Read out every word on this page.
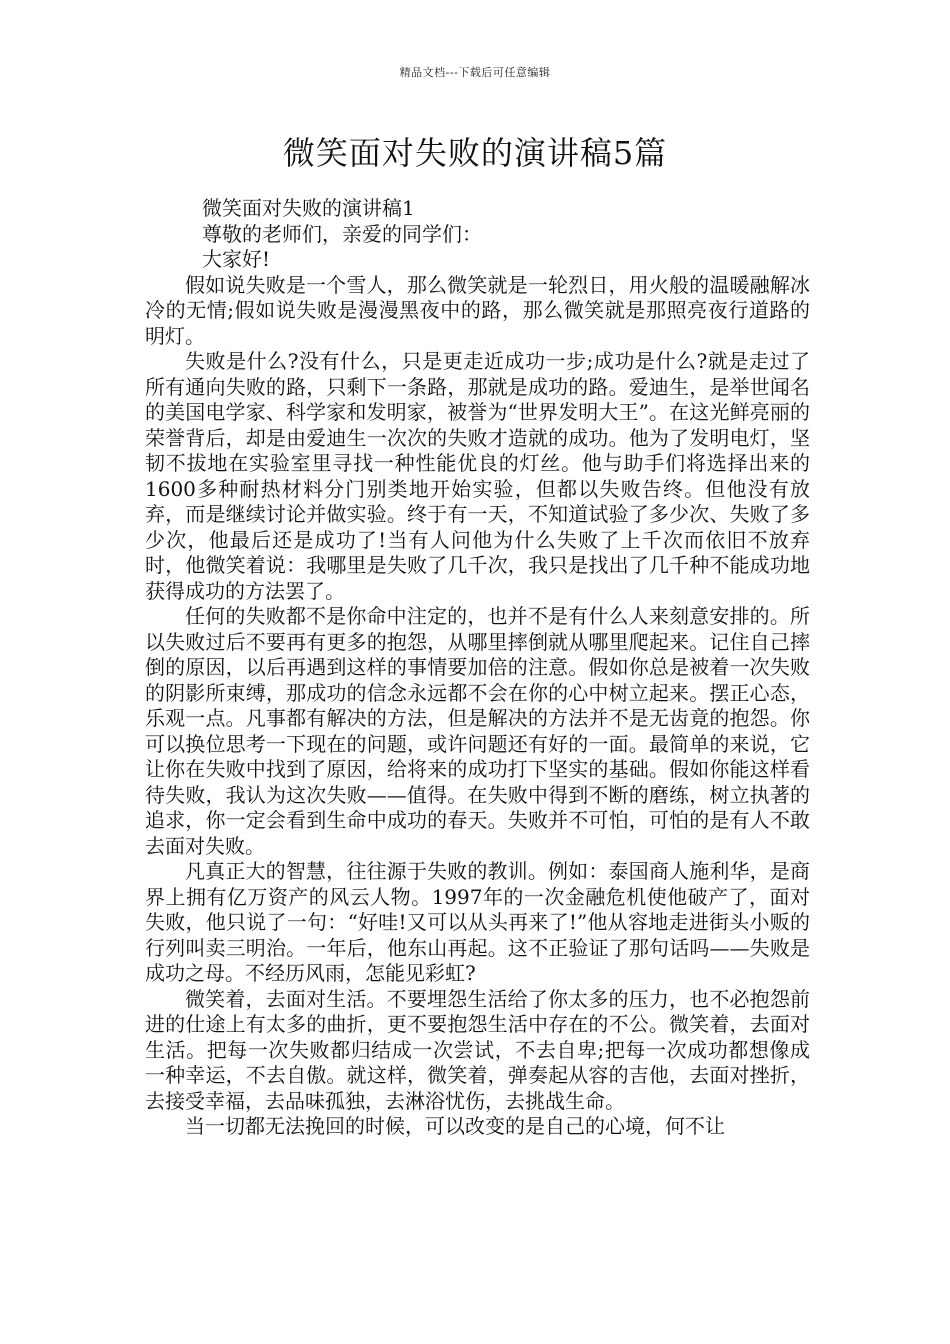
精品文档---下载后可任意编辑
微笑面对失败的演讲稿5篇

微笑面对失败的演讲稿1

尊敬的老师们，亲爱的同学们：

大家好!

假如说失败是一个雪人，那么微笑就是一轮烈日，用火般的温暖融解冰冷的无情;假如说失败是漫漫黑夜中的路，那么微笑就是那照亮夜行道路的明灯。

失败是什么?没有什么，只是更走近成功一步;成功是什么?就是走过了所有通向失败的路，只剩下一条路，那就是成功的路。爱迪生，是举世闻名的美国电学家、科学家和发明家，被誉为“世界发明大王”。在这光鲜亮丽的荣誉背后，却是由爱迪生一次次的失败才造就的成功。他为了发明电灯，坚韧不拔地在实验室里寻找一种性能优良的灯丝。他与助手们将选择出来的1600多种耐热材料分门别类地开始实验，但都以失败告终。但他没有放弃，而是继续讨论并做实验。终于有一天，不知道试验了多少次、失败了多少次，他最后还是成功了!当有人问他为什么失败了上千次而依旧不放弃时，他微笑着说：我哪里是失败了几千次，我只是找出了几千种不能成功地获得成功的方法罢了。

任何的失败都不是你命中注定的，也并不是有什么人来刻意安排的。所以失败过后不要再有更多的抱怨，从哪里摔倒就从哪里爬起来。记住自己摔倒的原因，以后再遇到这样的事情要加倍的注意。假如你总是被着一次失败的阴影所束缚，那成功的信念永远都不会在你的心中树立起来。摆正心态，乐观一点。凡事都有解决的方法，但是解决的方法并不是无齿竟的抱怨。你可以换位思考一下现在的问题，或许问题还有好的一面。最简单的来说，它让你在失败中找到了原因，给将来的成功打下坚实的基础。假如你能这样看待失败，我认为这次失败——值得。在失败中得到不断的磨练，树立执著的追求，你一定会看到生命中成功的春天。失败并不可怕，可怕的是有人不敢去面对失败。

凡真正大的智慧，往往源于失败的教训。例如：泰国商人施利华，是商界上拥有亿万资产的风云人物。1997年的一次金融危机使他破产了，面对失败，他只说了一句：“好哇!又可以从头再来了!”他从容地走进街头小贩的行列叫卖三明治。一年后，他东山再起。这不正验证了那句话吗——失败是成功之母。不经历风雨，怎能见彩虹?

微笑着，去面对生活。不要埋怨生活给了你太多的压力，也不必抱怨前进的仕途上有太多的曲折，更不要抱怨生活中存在的不公。微笑着，去面对生活。把每一次失败都归结成一次尝试，不去自卑;把每一次成功都想像成一种幸运，不去自傲。就这样，微笑着，弹奏起从容的吉他，去面对挫折，去接受幸福，去品味孤独，去淋浴忧伤，去挑战生命。

当一切都无法挽回的时候，可以改变的是自己的心境，何不让
